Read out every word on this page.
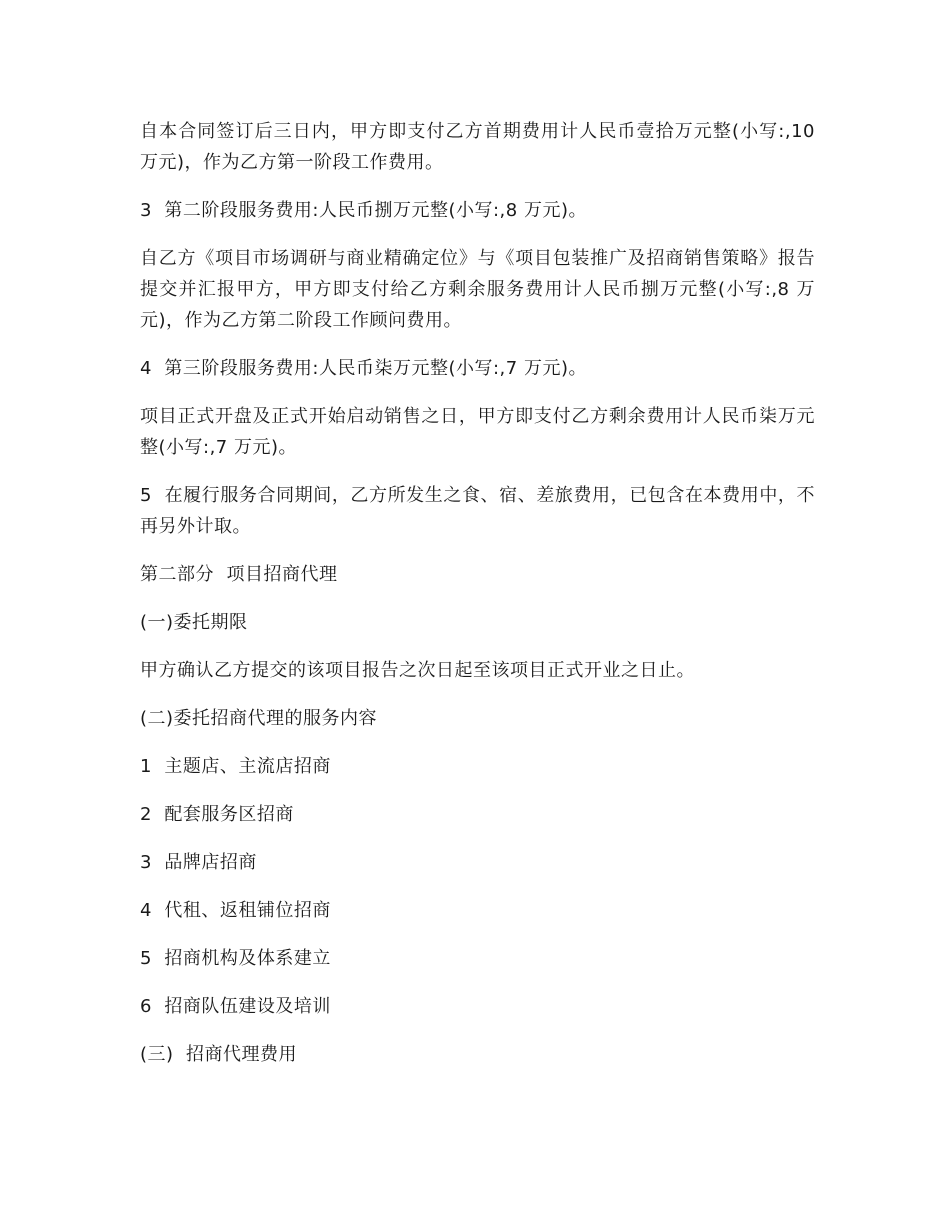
自本合同签订后三日内，甲方即支付乙方首期费用计人民币壹拾万元整(小写:,10 万元)，作为乙方第一阶段工作费用。

3  第二阶段服务费用:人民币捌万元整(小写:,8 万元)。

自乙方《项目市场调研与商业精确定位》与《项目包装推广及招商销售策略》报告提交并汇报甲方，甲方即支付给乙方剩余服务费用计人民币捌万元整(小写:,8 万元)，作为乙方第二阶段工作顾问费用。

4  第三阶段服务费用:人民币柒万元整(小写:,7 万元)。

项目正式开盘及正式开始启动销售之日，甲方即支付乙方剩余费用计人民币柒万元整(小写:,7 万元)。

5  在履行服务合同期间，乙方所发生之食、宿、差旅费用，已包含在本费用中，不再另外计取。

第二部分  项目招商代理

(一)委托期限

甲方确认乙方提交的该项目报告之次日起至该项目正式开业之日止。

(二)委托招商代理的服务内容

1  主题店、主流店招商

2  配套服务区招商

3  品牌店招商

4  代租、返租铺位招商

5  招商机构及体系建立

6  招商队伍建设及培训

(三)  招商代理费用
